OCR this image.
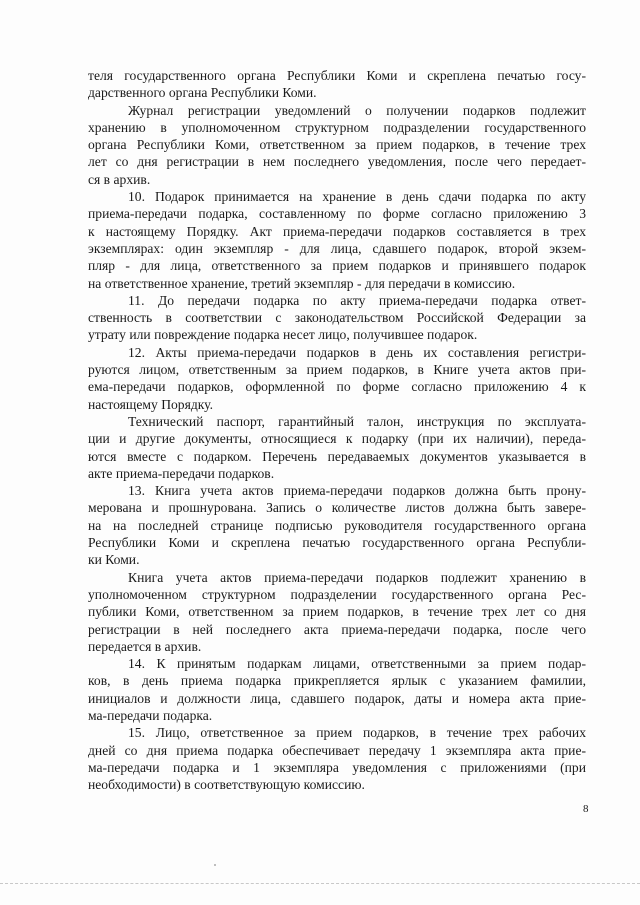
теля государственного органа Республики Коми и скреплена печатью госу-
дарственного органа Республики Коми.
Журнал регистрации уведомлений о получении подарков подлежит
хранению в уполномоченном структурном подразделении государственного
органа Республики Коми, ответственном за прием подарков, в течение трех
лет со дня регистрации в нем последнего уведомления, после чего передает-
ся в архив.
10. Подарок принимается на хранение в день сдачи подарка по акту
приема-передачи подарка, составленному по форме согласно приложению 3
к настоящему Порядку. Акт приема-передачи подарков составляется в трех
экземплярах: один экземпляр - для лица, сдавшего подарок, второй экзем-
пляр - для лица, ответственного за прием подарков и принявшего подарок
на ответственное хранение, третий экземпляр - для передачи в комиссию.
11. До передачи подарка по акту приема-передачи подарка ответ-
ственность в соответствии с законодательством Российской Федерации за
утрату или повреждение подарка несет лицо, получившее подарок.
12. Акты приема-передачи подарков в день их составления регистри-
руются лицом, ответственным за прием подарков, в Книге учета актов при-
ема-передачи подарков, оформленной по форме согласно приложению 4 к
настоящему Порядку.
Технический паспорт, гарантийный талон, инструкция по эксплуата-
ции и другие документы, относящиеся к подарку (при их наличии), переда-
ются вместе с подарком. Перечень передаваемых документов указывается в
акте приема-передачи подарков.
13. Книга учета актов приема-передачи подарков должна быть прону-
мерована и прошнурована. Запись о количестве листов должна быть завере-
на на последней странице подписью руководителя государственного органа
Республики Коми и скреплена печатью государственного органа Республи-
ки Коми.
Книга учета актов приема-передачи подарков подлежит хранению в
уполномоченном структурном подразделении государственного органа Рес-
публики Коми, ответственном за прием подарков, в течение трех лет со дня
регистрации в ней последнего акта приема-передачи подарка, после чего
передается в архив.
14. К принятым подаркам лицами, ответственными за прием подар-
ков, в день приема подарка прикрепляется ярлык с указанием фамилии,
инициалов и должности лица, сдавшего подарок, даты и номера акта прие-
ма-передачи подарка.
15. Лицо, ответственное за прием подарков, в течение трех рабочих
дней со дня приема подарка обеспечивает передачу 1 экземпляра акта прие-
ма-передачи подарка и 1 экземпляра уведомления с приложениями (при
необходимости) в соответствующую комиссию.
8
